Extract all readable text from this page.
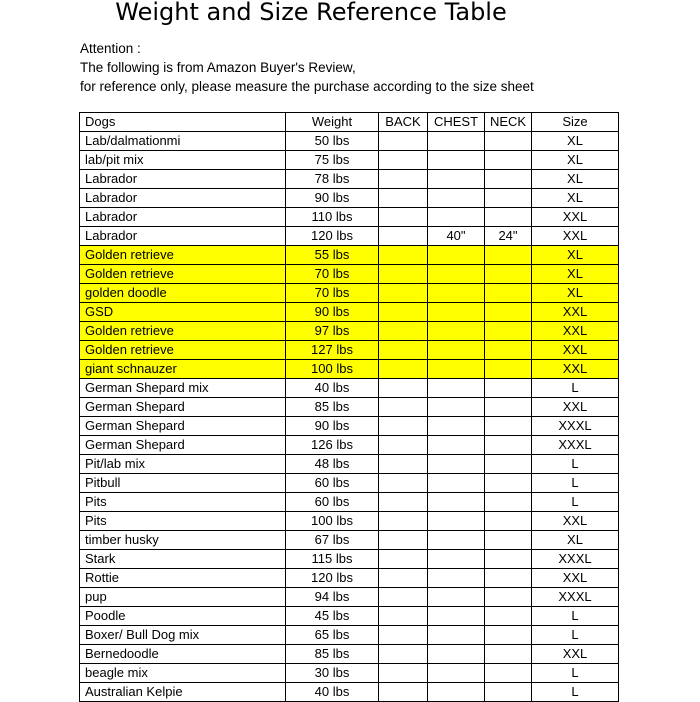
Weight and Size Reference Table
Attention :
The following is from Amazon Buyer's Review,
for reference only, please measure the purchase according to the size sheet
Dogs	Weight	BACK	CHEST	NECK	Size
Lab/dalmationmi	50 lbs				XL
lab/pit mix	75 lbs				XL
Labrador	78 lbs				XL
Labrador	90 lbs				XL
Labrador	110 lbs				XXL
Labrador	120 lbs		40"	24"	XXL
Golden retrieve	55 lbs				XL
Golden retrieve	70 lbs				XL
golden doodle	70 lbs				XL
GSD	90 lbs				XXL
Golden retrieve	97 lbs				XXL
Golden retrieve	127 lbs				XXL
giant schnauzer	100 lbs				XXL
German Shepard mix	40 lbs				L
German Shepard	85 lbs				XXL
German Shepard	90 lbs				XXXL
German Shepard	126 lbs				XXXL
Pit/lab mix	48 lbs				L
Pitbull	60 lbs				L
Pits	60 lbs				L
Pits	100 lbs				XXL
timber husky	67 lbs				XL
Stark	115 lbs				XXXL
Rottie	120 lbs				XXL
pup	94 lbs				XXXL
Poodle	45 lbs				L
Boxer/ Bull Dog mix	65 lbs				L
Bernedoodle	85 lbs				XXL
beagle mix	30 lbs				L
Australian Kelpie	40 lbs				L
